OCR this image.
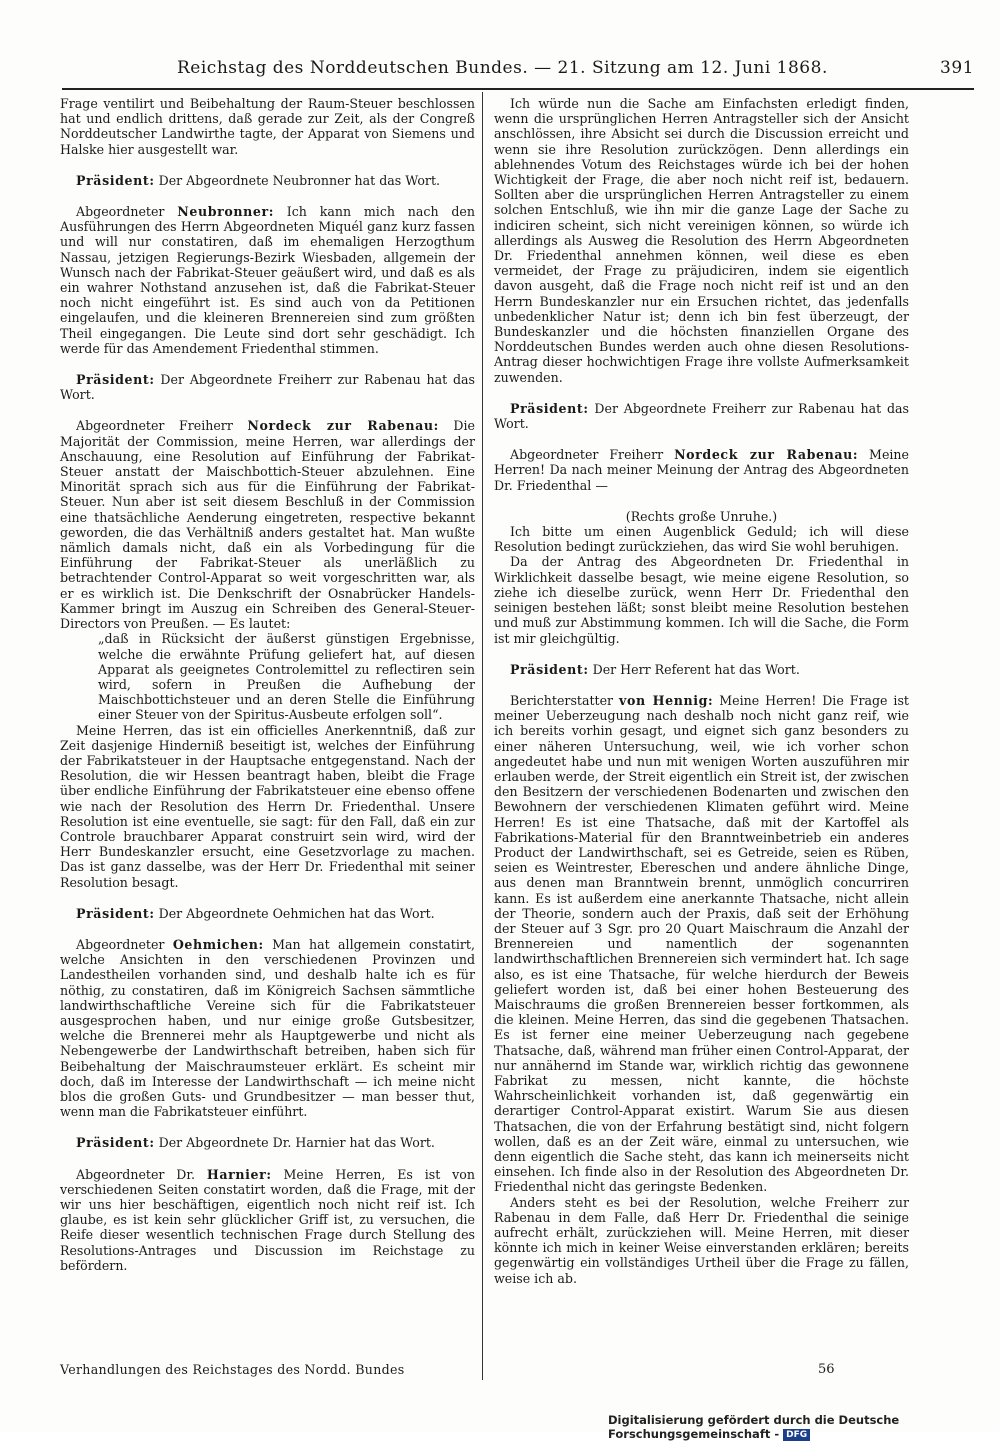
Reichstag des Norddeutschen Bundes. — 21. Sitzung am 12. Juni 1868.	391

Frage ventilirt und Beibehaltung der Raum-Steuer beschlossen hat und endlich drittens, daß gerade zur Zeit, als der Congreß Norddeutscher Landwirthe tagte, der Apparat von Siemens und Halske hier ausgestellt war.

Präsident: Der Abgeordnete Neubronner hat das Wort.

Abgeordneter Neubronner: Ich kann mich nach den Ausführungen des Herrn Abgeordneten Miquél ganz kurz fassen und will nur constatiren, daß im ehemaligen Herzogthum Nassau, jetzigen Regierungs-Bezirk Wiesbaden, allgemein der Wunsch nach der Fabrikat-Steuer geäußert wird, und daß es als ein wahrer Nothstand anzusehen ist, daß die Fabrikat-Steuer noch nicht eingeführt ist. Es sind auch von da Petitionen eingelaufen, und die kleineren Brennereien sind zum größten Theil eingegangen. Die Leute sind dort sehr geschädigt. Ich werde für das Amendement Friedenthal stimmen.

Präsident: Der Abgeordnete Freiherr zur Rabenau hat das Wort.

Abgeordneter Freiherr Nordeck zur Rabenau: Die Majorität der Commission, meine Herren, war allerdings der Anschauung, eine Resolution auf Einführung der Fabrikat-Steuer anstatt der Maischbottich-Steuer abzulehnen. Eine Minorität sprach sich aus für die Einführung der Fabrikat-Steuer. Nun aber ist seit diesem Beschluß in der Commission eine thatsächliche Aenderung eingetreten, respective bekannt geworden, die das Verhältniß anders gestaltet hat. Man wußte nämlich damals nicht, daß ein als Vorbedingung für die Einführung der Fabrikat-Steuer als unerläßlich zu betrachtender Control-Apparat so weit vorgeschritten war, als er es wirklich ist. Die Denkschrift der Osnabrücker Handels-Kammer bringt im Auszug ein Schreiben des General-Steuer-Directors von Preußen. — Es lautet:

„daß in Rücksicht der äußerst günstigen Ergebnisse, welche die erwähnte Prüfung geliefert hat, auf diesen Apparat als geeignetes Controlemittel zu reflectiren sein wird, sofern in Preußen die Aufhebung der Maischbottichsteuer und an deren Stelle die Einführung einer Steuer von der Spiritus-Ausbeute erfolgen soll“.

Meine Herren, das ist ein officielles Anerkenntniß, daß zur Zeit dasjenige Hinderniß beseitigt ist, welches der Einführung der Fabrikatsteuer in der Hauptsache entgegenstand. Nach der Resolution, die wir Hessen beantragt haben, bleibt die Frage über endliche Einführung der Fabrikatsteuer eine ebenso offene wie nach der Resolution des Herrn Dr. Friedenthal. Unsere Resolution ist eine eventuelle, sie sagt: für den Fall, daß ein zur Controle brauchbarer Apparat construirt sein wird, wird der Herr Bundeskanzler ersucht, eine Gesetzvorlage zu machen. Das ist ganz dasselbe, was der Herr Dr. Friedenthal mit seiner Resolution besagt.

Präsident: Der Abgeordnete Oehmichen hat das Wort.

Abgeordneter Oehmichen: Man hat allgemein constatirt, welche Ansichten in den verschiedenen Provinzen und Landestheilen vorhanden sind, und deshalb halte ich es für nöthig, zu constatiren, daß im Königreich Sachsen sämmtliche landwirthschaftliche Vereine sich für die Fabrikatsteuer ausgesprochen haben, und nur einige große Gutsbesitzer, welche die Brennerei mehr als Hauptgewerbe und nicht als Nebengewerbe der Landwirthschaft betreiben, haben sich für Beibehaltung der Maischraumsteuer erklärt. Es scheint mir doch, daß im Interesse der Landwirthschaft — ich meine nicht blos die großen Guts- und Grundbesitzer — man besser thut, wenn man die Fabrikatsteuer einführt.

Präsident: Der Abgeordnete Dr. Harnier hat das Wort.

Abgeordneter Dr. Harnier: Meine Herren, Es ist von verschiedenen Seiten constatirt worden, daß die Frage, mit der wir uns hier beschäftigen, eigentlich noch nicht reif ist. Ich glaube, es ist kein sehr glücklicher Griff ist, zu versuchen, die Reife dieser wesentlich technischen Frage durch Stellung des Resolutions-Antrages und Discussion im Reichstage zu befördern.

Ich würde nun die Sache am Einfachsten erledigt finden, wenn die ursprünglichen Herren Antragsteller sich der Ansicht anschlössen, ihre Absicht sei durch die Discussion erreicht und wenn sie ihre Resolution zurückzögen. Denn allerdings ein ablehnendes Votum des Reichstages würde ich bei der hohen Wichtigkeit der Frage, die aber noch nicht reif ist, bedauern. Sollten aber die ursprünglichen Herren Antragsteller zu einem solchen Entschluß, wie ihn mir die ganze Lage der Sache zu indiciren scheint, sich nicht vereinigen können, so würde ich allerdings als Ausweg die Resolution des Herrn Abgeordneten Dr. Friedenthal annehmen können, weil diese es eben vermeidet, der Frage zu präjudiciren, indem sie eigentlich davon ausgeht, daß die Frage noch nicht reif ist und an den Herrn Bundeskanzler nur ein Ersuchen richtet, das jedenfalls unbedenklicher Natur ist; denn ich bin fest überzeugt, der Bundeskanzler und die höchsten finanziellen Organe des Norddeutschen Bundes werden auch ohne diesen Resolutions-Antrag dieser hochwichtigen Frage ihre vollste Aufmerksamkeit zuwenden.

Präsident: Der Abgeordnete Freiherr zur Rabenau hat das Wort.

Abgeordneter Freiherr Nordeck zur Rabenau: Meine Herren! Da nach meiner Meinung der Antrag des Abgeordneten Dr. Friedenthal —

(Rechts große Unruhe.)

Ich bitte um einen Augenblick Geduld; ich will diese Resolution bedingt zurückziehen, das wird Sie wohl beruhigen.

Da der Antrag des Abgeordneten Dr. Friedenthal in Wirklichkeit dasselbe besagt, wie meine eigene Resolution, so ziehe ich dieselbe zurück, wenn Herr Dr. Friedenthal den seinigen bestehen läßt; sonst bleibt meine Resolution bestehen und muß zur Abstimmung kommen. Ich will die Sache, die Form ist mir gleichgültig.

Präsident: Der Herr Referent hat das Wort.

Berichterstatter von Hennig: Meine Herren! Die Frage ist meiner Ueberzeugung nach deshalb noch nicht ganz reif, wie ich bereits vorhin gesagt, und eignet sich ganz besonders zu einer näheren Untersuchung, weil, wie ich vorher schon angedeutet habe und nun mit wenigen Worten auszuführen mir erlauben werde, der Streit eigentlich ein Streit ist, der zwischen den Besitzern der verschiedenen Bodenarten und zwischen den Bewohnern der verschiedenen Klimaten geführt wird. Meine Herren! Es ist eine Thatsache, daß mit der Kartoffel als Fabrikations-Material für den Branntweinbetrieb ein anderes Product der Landwirthschaft, sei es Getreide, seien es Rüben, seien es Weintrester, Ebereschen und andere ähnliche Dinge, aus denen man Branntwein brennt, unmöglich concurriren kann. Es ist außerdem eine anerkannte Thatsache, nicht allein der Theorie, sondern auch der Praxis, daß seit der Erhöhung der Steuer auf 3 Sgr. pro 20 Quart Maischraum die Anzahl der Brennereien und namentlich der sogenannten landwirthschaftlichen Brennereien sich vermindert hat. Ich sage also, es ist eine Thatsache, für welche hierdurch der Beweis geliefert worden ist, daß bei einer hohen Besteuerung des Maischraums die großen Brennereien besser fortkommen, als die kleinen. Meine Herren, das sind die gegebenen Thatsachen. Es ist ferner eine meiner Ueberzeugung nach gegebene Thatsache, daß, während man früher einen Control-Apparat, der nur annähernd im Stande war, wirklich richtig das gewonnene Fabrikat zu messen, nicht kannte, die höchste Wahrscheinlichkeit vorhanden ist, daß gegenwärtig ein derartiger Control-Apparat existirt. Warum Sie aus diesen Thatsachen, die von der Erfahrung bestätigt sind, nicht folgern wollen, daß es an der Zeit wäre, einmal zu untersuchen, wie denn eigentlich die Sache steht, das kann ich meinerseits nicht einsehen. Ich finde also in der Resolution des Abgeordneten Dr. Friedenthal nicht das geringste Bedenken.

Anders steht es bei der Resolution, welche Freiherr zur Rabenau in dem Falle, daß Herr Dr. Friedenthal die seinige aufrecht erhält, zurückziehen will. Meine Herren, mit dieser könnte ich mich in keiner Weise einverstanden erklären; bereits gegenwärtig ein vollständiges Urtheil über die Frage zu fällen, weise ich ab.

Verhandlungen des Reichstages des Nordd. Bundes	56
Digitalisierung gefördert durch die Deutsche Forschungsgemeinschaft - DFG
